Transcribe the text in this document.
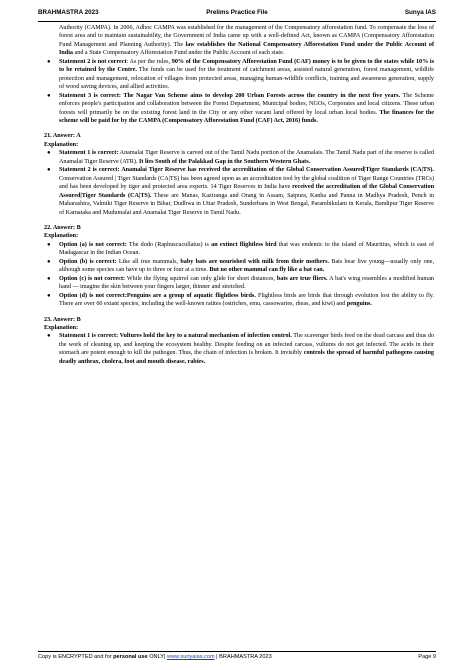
BRAHMASTRA 2023	Prelims Practice File	Sunya IAS

Authority (CAMPA). In 2006, Adhoc CAMPA was established for the management of the Compensatory afforestation fund. To compensate the loss of forest area and to maintain sustainability, the Government of India came up with a well-defined Act, known as CAMPA (Compensatory Afforestation Fund Management and Planning Authority). The law establishes the National Compensatory Afforestation Fund under the Public Account of India and a State Compensatory Afforestation Fund under the Public Account of each state.

● Statement 2 is not correct: As per the rules, 90% of the Compensatory Afforestation Fund (CAF) money is to be given to the states while 10% is to be retained by the Centre. The funds can be used for the treatment of catchment areas, assisted natural generation, forest management, wildlife protection and management, relocation of villages from protected areas, managing human-wildlife conflicts, training and awareness generation, supply of wood saving devices, and allied activities.
● Statement 3 is correct: The Nagar Van Scheme aims to develop 200 Urban Forests across the country in the next five years. The Scheme enforces people's participation and collaboration between the Forest Department, Municipal bodies, NGOs, Corporates and local citizens. These urban forests will primarily be on the existing forest land in the City or any other vacant land offered by local urban local bodies. The finances for the scheme will be paid for by the CAMPA (Compensatory Afforestation Fund (CAF) Act, 2016) funds.

21. Answer: A

Explanation:

● Statement 1 is correct: Anamalai Tiger Reserve is carved out of the Tamil Nadu portion of the Anamalais. The Tamil Nadu part of the reserve is called Anamalai Tiger Reserve (ATR). It lies South of the Palakkad Gap in the Southern Western Ghats.
● Statement 2 is correct: Anamalai Tiger Reserve has received the accreditation of the Global Conservation Assured|Tiger Standards (CA|TS). Conservation Assured | Tiger Standards (CA|TS) has been agreed upon as an accreditation tool by the global coalition of Tiger Range Countries (TRCs) and has been developed by tiger and protected area experts. 14 Tiger Reserves in India have received the accreditation of the Global Conservation Assured|Tiger Standards (CA|TS). These are Manas, Kaziranga and Orang in Assam, Satpura, Kanha and Panna in Madhya Pradesh, Pench in Maharashtra, Valmiki Tiger Reserve in Bihar, Dudhwa in Uttar Pradesh, Sunderbans in West Bengal, Parambikulam in Kerala, Bandipur Tiger Reserve of Karnataka and Mudumalai and Anamalai Tiger Reserve in Tamil Nadu.

22. Answer: B

Explanation:

● Option (a) is not correct: The dodo (Raphuscucullatus) is an extinct flightless bird that was endemic to the island of Mauritius, which is east of Madagascar in the Indian Ocean.
● Option (b) is correct: Like all true mammals, baby bats are nourished with milk from their mothers. Bats bear live young—usually only one, although some species can have up to three or four at a time. But no other mammal can fly like a bat can.
● Option (c) is not correct: While the flying squirrel can only glide for short distances, bats are true fliers. A bat's wing resembles a modified human hand — imagine the skin between your fingers larger, thinner and stretched.
● Option (d) is not correct:Penguins are a group of aquatic flightless birds. Flightless birds are birds that through evolution lost the ability to fly. There are over 60 extant species, including the well-known ratites (ostriches, emu, cassowaries, rheas, and kiwi) and penguins.

23. Answer: B

Explanation:

● Statement 1 is correct: Vultures hold the key to a natural mechanism of infection control. The scavenger birds feed on the dead carcass and thus do the work of cleaning up, and keeping the ecosystem healthy. Despite feeding on an infected carcass, vultures do not get infected. The acids in their stomach are potent enough to kill the pathogen. Thus, the chain of infection is broken. It invisibly controls the spread of harmful pathogens causing deadly anthrax, cholera, foot and mouth disease, rabies.
Copy is ENCRYPTED and for personal use ONLY| www.sunyaias.com | BRAHMASTRA 2023	Page 9
